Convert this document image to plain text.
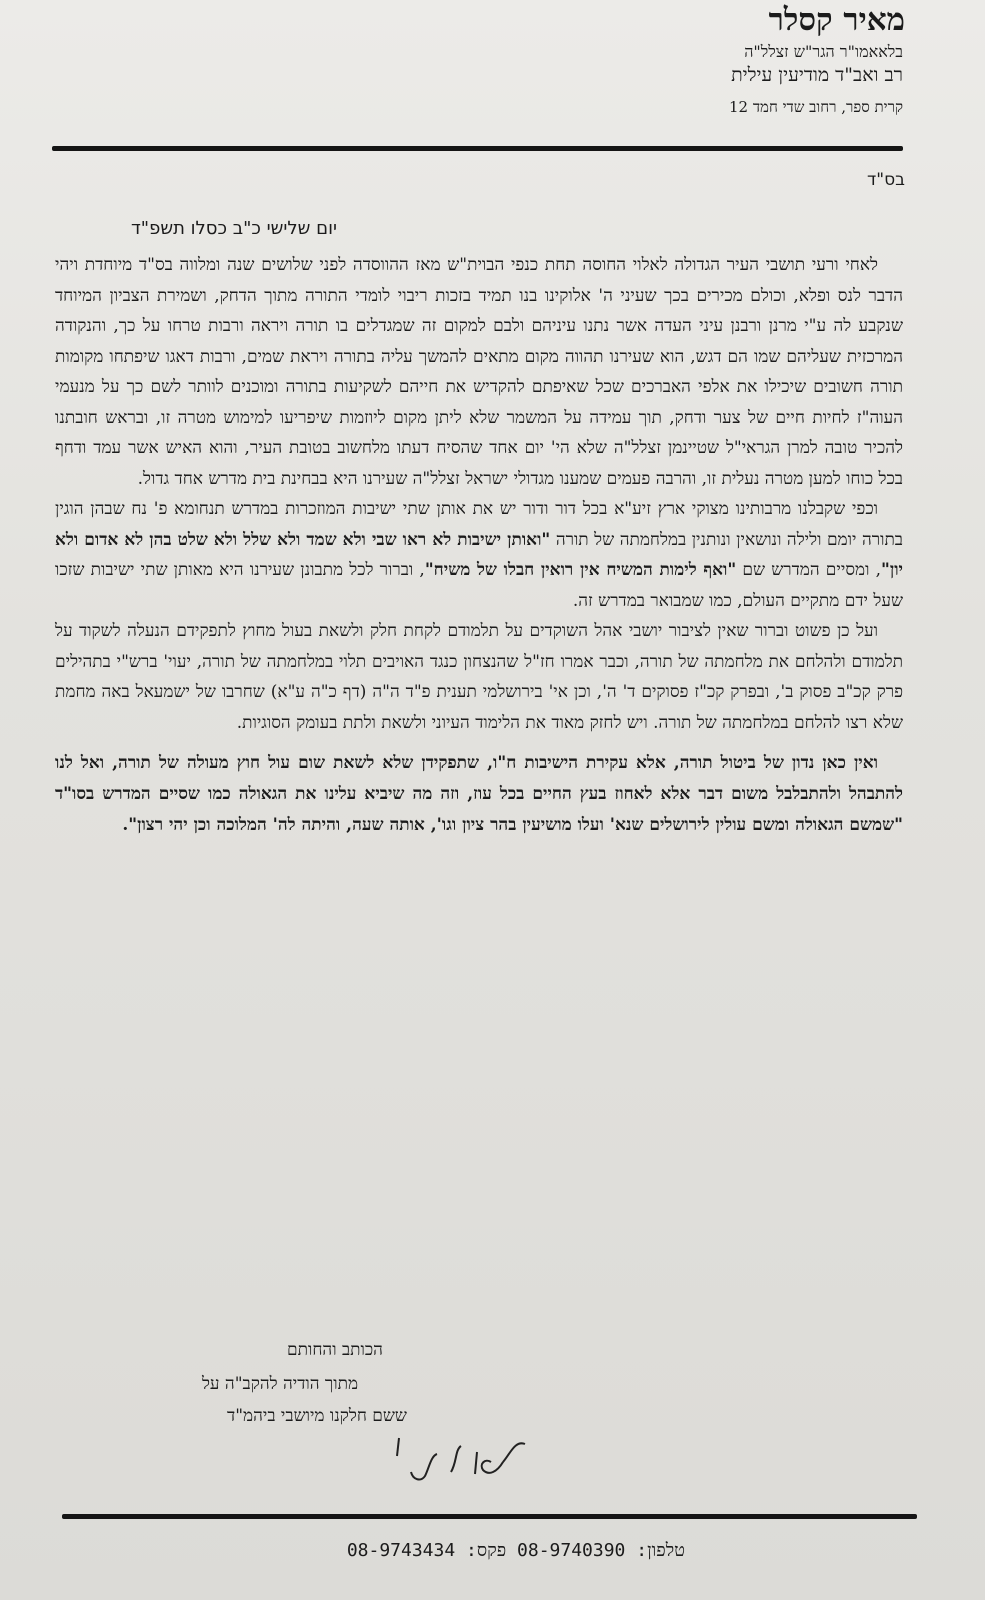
מאיר קסלר
בלאאמו"ר הגר"ש זצלל"ה
רב ואב"ד מודיעין עילית
קרית ספר, רחוב שדי חמד 12
בס"ד
יום שלישי כ"ב כסלו תשפ"ד

לאחי ורעי תושבי העיר הגדולה לאלוי החוסה תחת כנפי הבוית"ש מאז ההווסדה לפני שלושים שנה ומלווה בס"ד מיוחדת ויהי הדבר לנס ופלא, וכולם מכירים בכך שעיני ה' אלוקינו בנו תמיד בזכות ריבוי לומדי התורה מתוך הדחק, ושמירת הצביון המיוחד שנקבע לה ע"י מרנן ורבנן עיני העדה אשר נתנו עיניהם ולבם למקום זה שמגדלים בו תורה ויראה ורבות טרחו על כך, והנקודה המרכזית שעליהם שמו הם דגש, הוא שעירנו תהווה מקום מתאים להמשך עליה בתורה ויראת שמים, ורבות דאגו שיפתחו מקומות תורה חשובים שיכילו את אלפי האברכים שכל שאיפתם להקדיש את חייהם לשקיעות בתורה ומוכנים לוותר לשם כך על מנעמי העוה"ז לחיות חיים של צער ודחק, תוך עמידה על המשמר שלא ליתן מקום ליוזמות שיפריעו למימוש מטרה זו, ובראש חובתנו להכיר טובה למרן הגראי"ל שטיינמן זצלל"ה שלא הי' יום אחד שהסיח דעתו מלחשוב בטובת העיר, והוא האיש אשר עמד ודחף בכל כוחו למען מטרה נעלית זו, והרבה פעמים שמענו מגדולי ישראל זצלל"ה שעירנו היא בבחינת בית מדרש אחד גדול.

וכפי שקבלנו מרבותינו מצוקי ארץ זיע"א בכל דור ודור יש את אותן שתי ישיבות המוזכרות במדרש תנחומא פ' נח שבהן הוגין בתורה יומם ולילה ונושאין ונותנין במלחמתה של תורה "ואותן ישיבות לא ראו שבי ולא שמד ולא שלל ולא שלט בהן לא אדום ולא יון", ומסיים המדרש שם "ואף לימות המשיח אין רואין חבלו של משיח", וברור לכל מתבונן שעירנו היא מאותן שתי ישיבות שזכו שעל ידם מתקיים העולם, כמו שמבואר במדרש זה.

ועל כן פשוט וברור שאין לציבור יושבי אהל השוקדים על תלמודם לקחת חלק ולשאת בעול מחוץ לתפקידם הנעלה לשקוד על תלמודם ולהלחם את מלחמתה של תורה, וכבר אמרו חז"ל שהנצחון כנגד האויבים תלוי במלחמתה של תורה, יעוי' ברש"י בתהילים פרק קכ"ב פסוק ב', ובפרק קכ"ז פסוקים ד' ה', וכן אי' בירושלמי תענית פ"ד ה"ה (דף כ"ה ע"א) שחרבו של ישמעאל באה מחמת שלא רצו להלחם במלחמתה של תורה. ויש לחזק מאוד את הלימוד העיוני ולשאת ולתת בעומק הסוגיות.

ואין כאן נדון של ביטול תורה, אלא עקירת הישיבות ח"ו, שתפקידן שלא לשאת שום עול חוץ מעולה של תורה, ואל לנו להתבהל ולהתבלבל משום דבר אלא לאחוז בעץ החיים בכל עוז, וזה מה שיביא עלינו את הגאולה כמו שסיים המדרש בסו"ד "שמשם הגאולה ומשם עולין לירושלים שנא' ועלו מושיעין בהר ציון וגו', אותה שעה, והיתה לה' המלוכה וכן יהי רצון".

הכותב והחותם
מתוך הודיה להקב"ה על
ששם חלקנו מיושבי ביהמ"ד
טלפון: 08-9740390 פקס: 08-9743434
